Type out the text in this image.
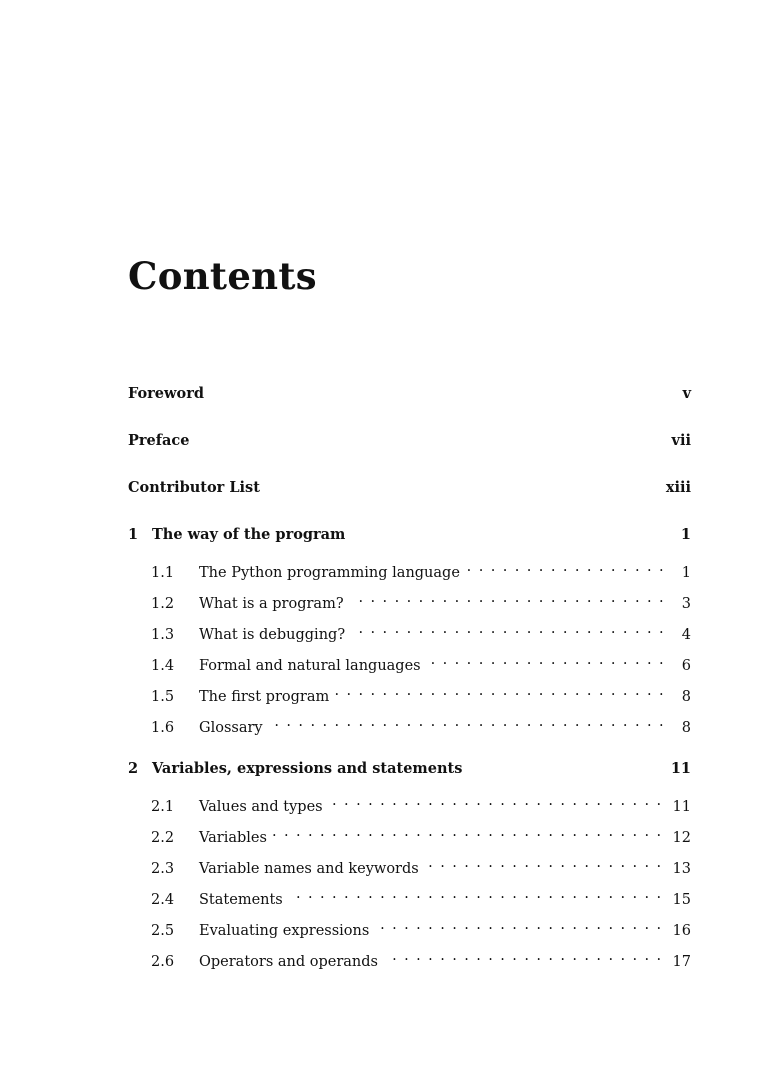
Contents
Foreword	v
Preface	vii
Contributor List	xiii
1 The way of the program	1
1.1	The Python programming language . . .	1
1.2	What is a program? . . .	3
1.3	What is debugging? . . .	4
1.4	Formal and natural languages . . .	6
1.5	The first program . . .	8
1.6	Glossary . . .	8
2 Variables, expressions and statements	11
2.1	Values and types . . .	11
2.2	Variables . . .	12
2.3	Variable names and keywords . . .	13
2.4	Statements . . .	15
2.5	Evaluating expressions . . .	16
2.6	Operators and operands . . .	17
